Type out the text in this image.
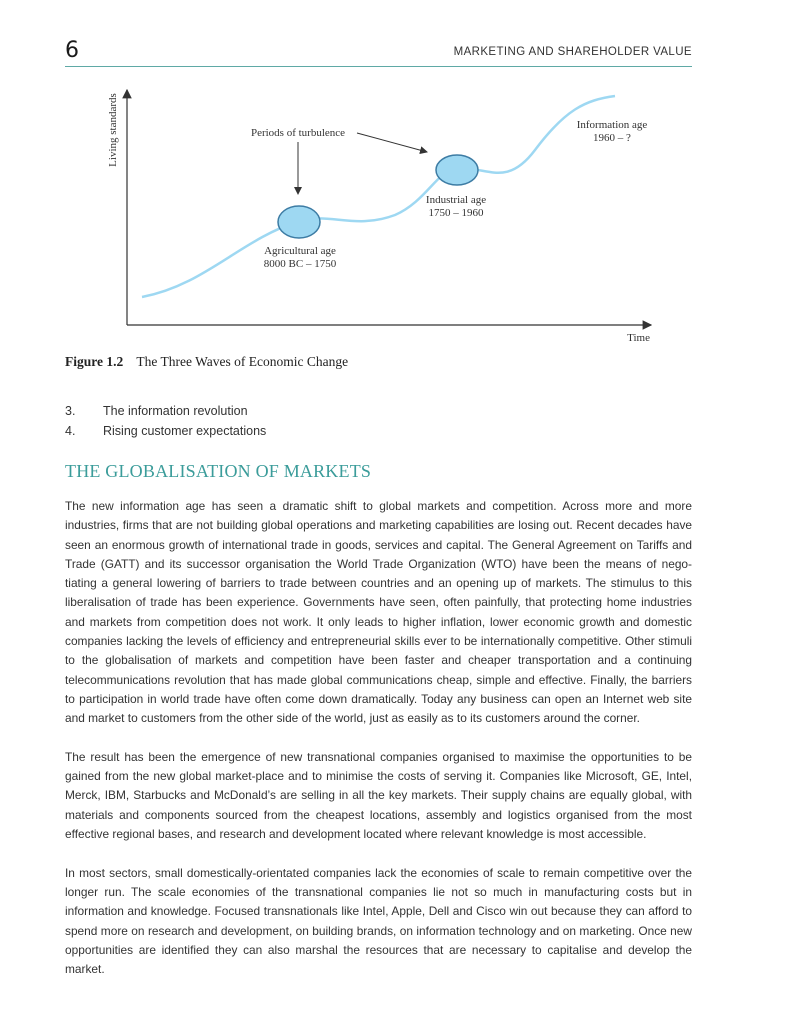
6	MARKETING AND SHAREHOLDER VALUE
Living standards
Time
Periods of turbulence
Agricultural age
8000 BC – 1750
Industrial age
1750 – 1960
Information age
1960 – ?
Figure 1.2 The Three Waves of Economic Change
3.	The information revolution
4.	Rising customer expectations
THE GLOBALISATION OF MARKETS

The new information age has seen a dramatic shift to global markets and competition. Across more and more industries, firms that are not building global operations and marketing capabilities are losing out. Recent decades have seen an enormous growth of international trade in goods, services and capital. The General Agreement on Tariffs and Trade (GATT) and its successor organisation the World Trade Organization (WTO) have been the means of nego-tiating a general lowering of barriers to trade between countries and an opening up of markets. The stimulus to this liberalisation of trade has been experience. Governments have seen, often painfully, that protecting home industries and markets from competition does not work. It only leads to higher inflation, lower economic growth and domestic companies lacking the levels of efficiency and entrepreneurial skills ever to be internationally competitive. Other stimuli to the globalisation of markets and competition have been faster and cheaper transportation and a continuing telecommunications revolution that has made global communications cheap, simple and effective. Finally, the barriers to participation in world trade have often come down dramatically. Today any business can open an Internet web site and market to customers from the other side of the world, just as easily as to its customers around the corner.

The result has been the emergence of new transnational companies organised to maximise the opportunities to be gained from the new global market-place and to minimise the costs of serving it. Companies like Microsoft, GE, Intel, Merck, IBM, Starbucks and McDonald’s are selling in all the key markets. Their supply chains are equally global, with materials and components sourced from the cheapest locations, assembly and logistics organised from the most effective regional bases, and research and development located where relevant knowledge is most accessible.

In most sectors, small domestically-orientated companies lack the economies of scale to remain competitive over the longer run. The scale economies of the transnational companies lie not so much in manufacturing costs but in information and knowledge. Focused transnationals like Intel, Apple, Dell and Cisco win out because they can afford to spend more on research and development, on building brands, on information technology and on marketing. Once new opportunities are identified they can also marshal the resources that are necessary to capitalise and develop the market.
